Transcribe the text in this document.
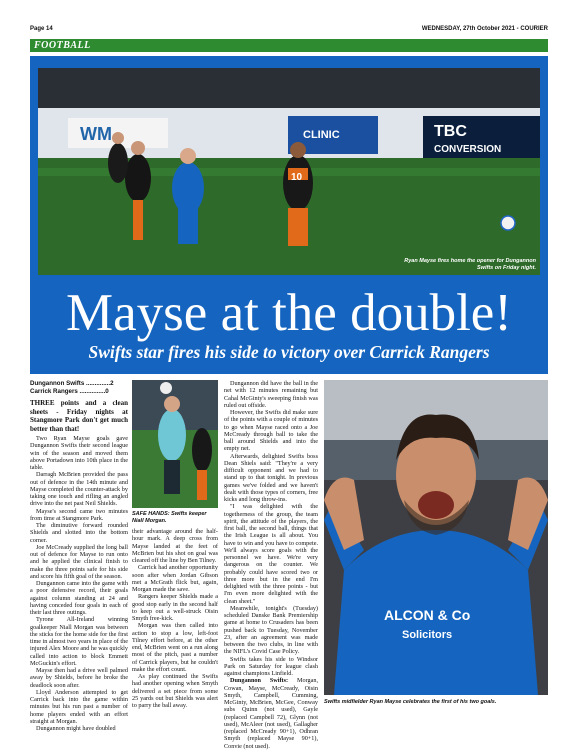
Page 14	WEDNESDAY, 27th October 2021 - COURIER
FOOTBALL
WM	CLINIC	TBC
CONVERSION
10
Ryan Mayse fires home the opener for Dungannon Swifts on Friday night.
Mayse at the double!
Swifts star fires his side to victory over Carrick Rangers

Dungannon Swifts ..............2

Carrick Rangers ...............0

THREE points and a clean sheets - Friday nights at Stangmore Park don't get much better than that!

Two Ryan Mayse goals gave Dungannon Swifts their second league win of the season and moved them above Portadown into 10th place in the table.

Darragh McBrien provided the pass out of defence in the 14th minute and Mayse completed the counter-attack by taking one touch and rifling an angled drive into the net past Neil Shields.

Mayse's second came two minutes from time at Stangmore Park.

The diminutive forward rounded Shields and slotted into the bottom corner.

Joe McCready supplied the long ball out of defence for Mayse to run onto and he applied the clinical finish to make the three points safe for his side and score his fifth goal of the season.

Dungannon came into the game with a poor defensive record, their goals against column standing at 24 and having conceded four goals in each of their last three outings.

Tyrone All-Ireland winning goalkeeper Niall Morgan was between the sticks for the home side for the first time in almost two years in place of the injured Alex Moore and he was quickly called into action to block Emmett McGuckin's effort.

Mayse then had a drive well palmed away by Shields, before he broke the deadlock soon after.

Lloyd Anderson attempted to get Carrick back into the game within minutes but his run past a number of home players ended with an effort straight at Morgan.

Dungannon might have doubled

SAFE HANDS: Swifts keeper Niall Morgan.

their advantage around the half-hour mark. A deep cross from Mayse landed at the feet of McBrien but his shot on goal was cleared off the line by Ben Tilney.

Carrick had another opportunity soon after when Jordan Gibson met a McGrath flick but, again, Morgan made the save.

Rangers keeper Shields made a good stop early in the second half to keep out a well-struck Oisin Smyth free-kick.

Morgan was then called into action to stop a low, left-foot Tilney effort before, at the other end, McBrien went on a run along most of the pitch, past a number of Carrick players, but he couldn't make the effort count.

As play continued the Swifts had another opening when Smyth delivered a set piece from some 25 yards out but Shields was alert to parry the ball away.

Dungannon did have the ball in the net with 12 minutes remaining but Cahal McGinty's sweeping finish was ruled out offside.

However, the Swifts did make sure of the points with a couple of minutes to go when Mayse raced onto a Joe McCready through ball to take the ball around Shields and into the empty net.

Afterwards, delighted Swifts boss Dean Shiels said: "They're a very difficult opponent and we had to stand up to that tonight. In previous games we've folded and we haven't dealt with those types of corners, free kicks and long throw-ins.

"I was delighted with the togetherness of the group, the team spirit, the attitude of the players, the first ball, the second ball, things that the Irish League is all about. You have to win and you have to compete. We'll always score goals with the personnel we have. We're very dangerous on the counter. We probably could have scored two or three more but in the end I'm delighted with the three points - but I'm even more delighted with the clean sheet."

Meanwhile, tonight's (Tuesday) scheduled Danske Bank Premiership game at home to Crusaders has been pushed back to Tuesday, November 23, after an agreement was made between the two clubs, in line with the NIFL's Covid Case Policy.

Swifts takes his side to Windsor Park on Saturday for league clash against champions Linfield.

Dungannon Swifts: Morgan, Cowan, Mayse, McCready, Oisin Smyth, Campbell, Cumming, McGinty, McBrien, McGee, Conway subs Quinn (not used), Gayle (replaced Campbell 72), Glynn (not used), McAleer (not used), Gallagher (replaced McCready 90+1), Odhran Smyth (replaced Mayse 90+1), Convie (not used).

ALCON & Co
Solicitors
Swifts midfielder Ryan Mayse celebrates the first of his two goals.
